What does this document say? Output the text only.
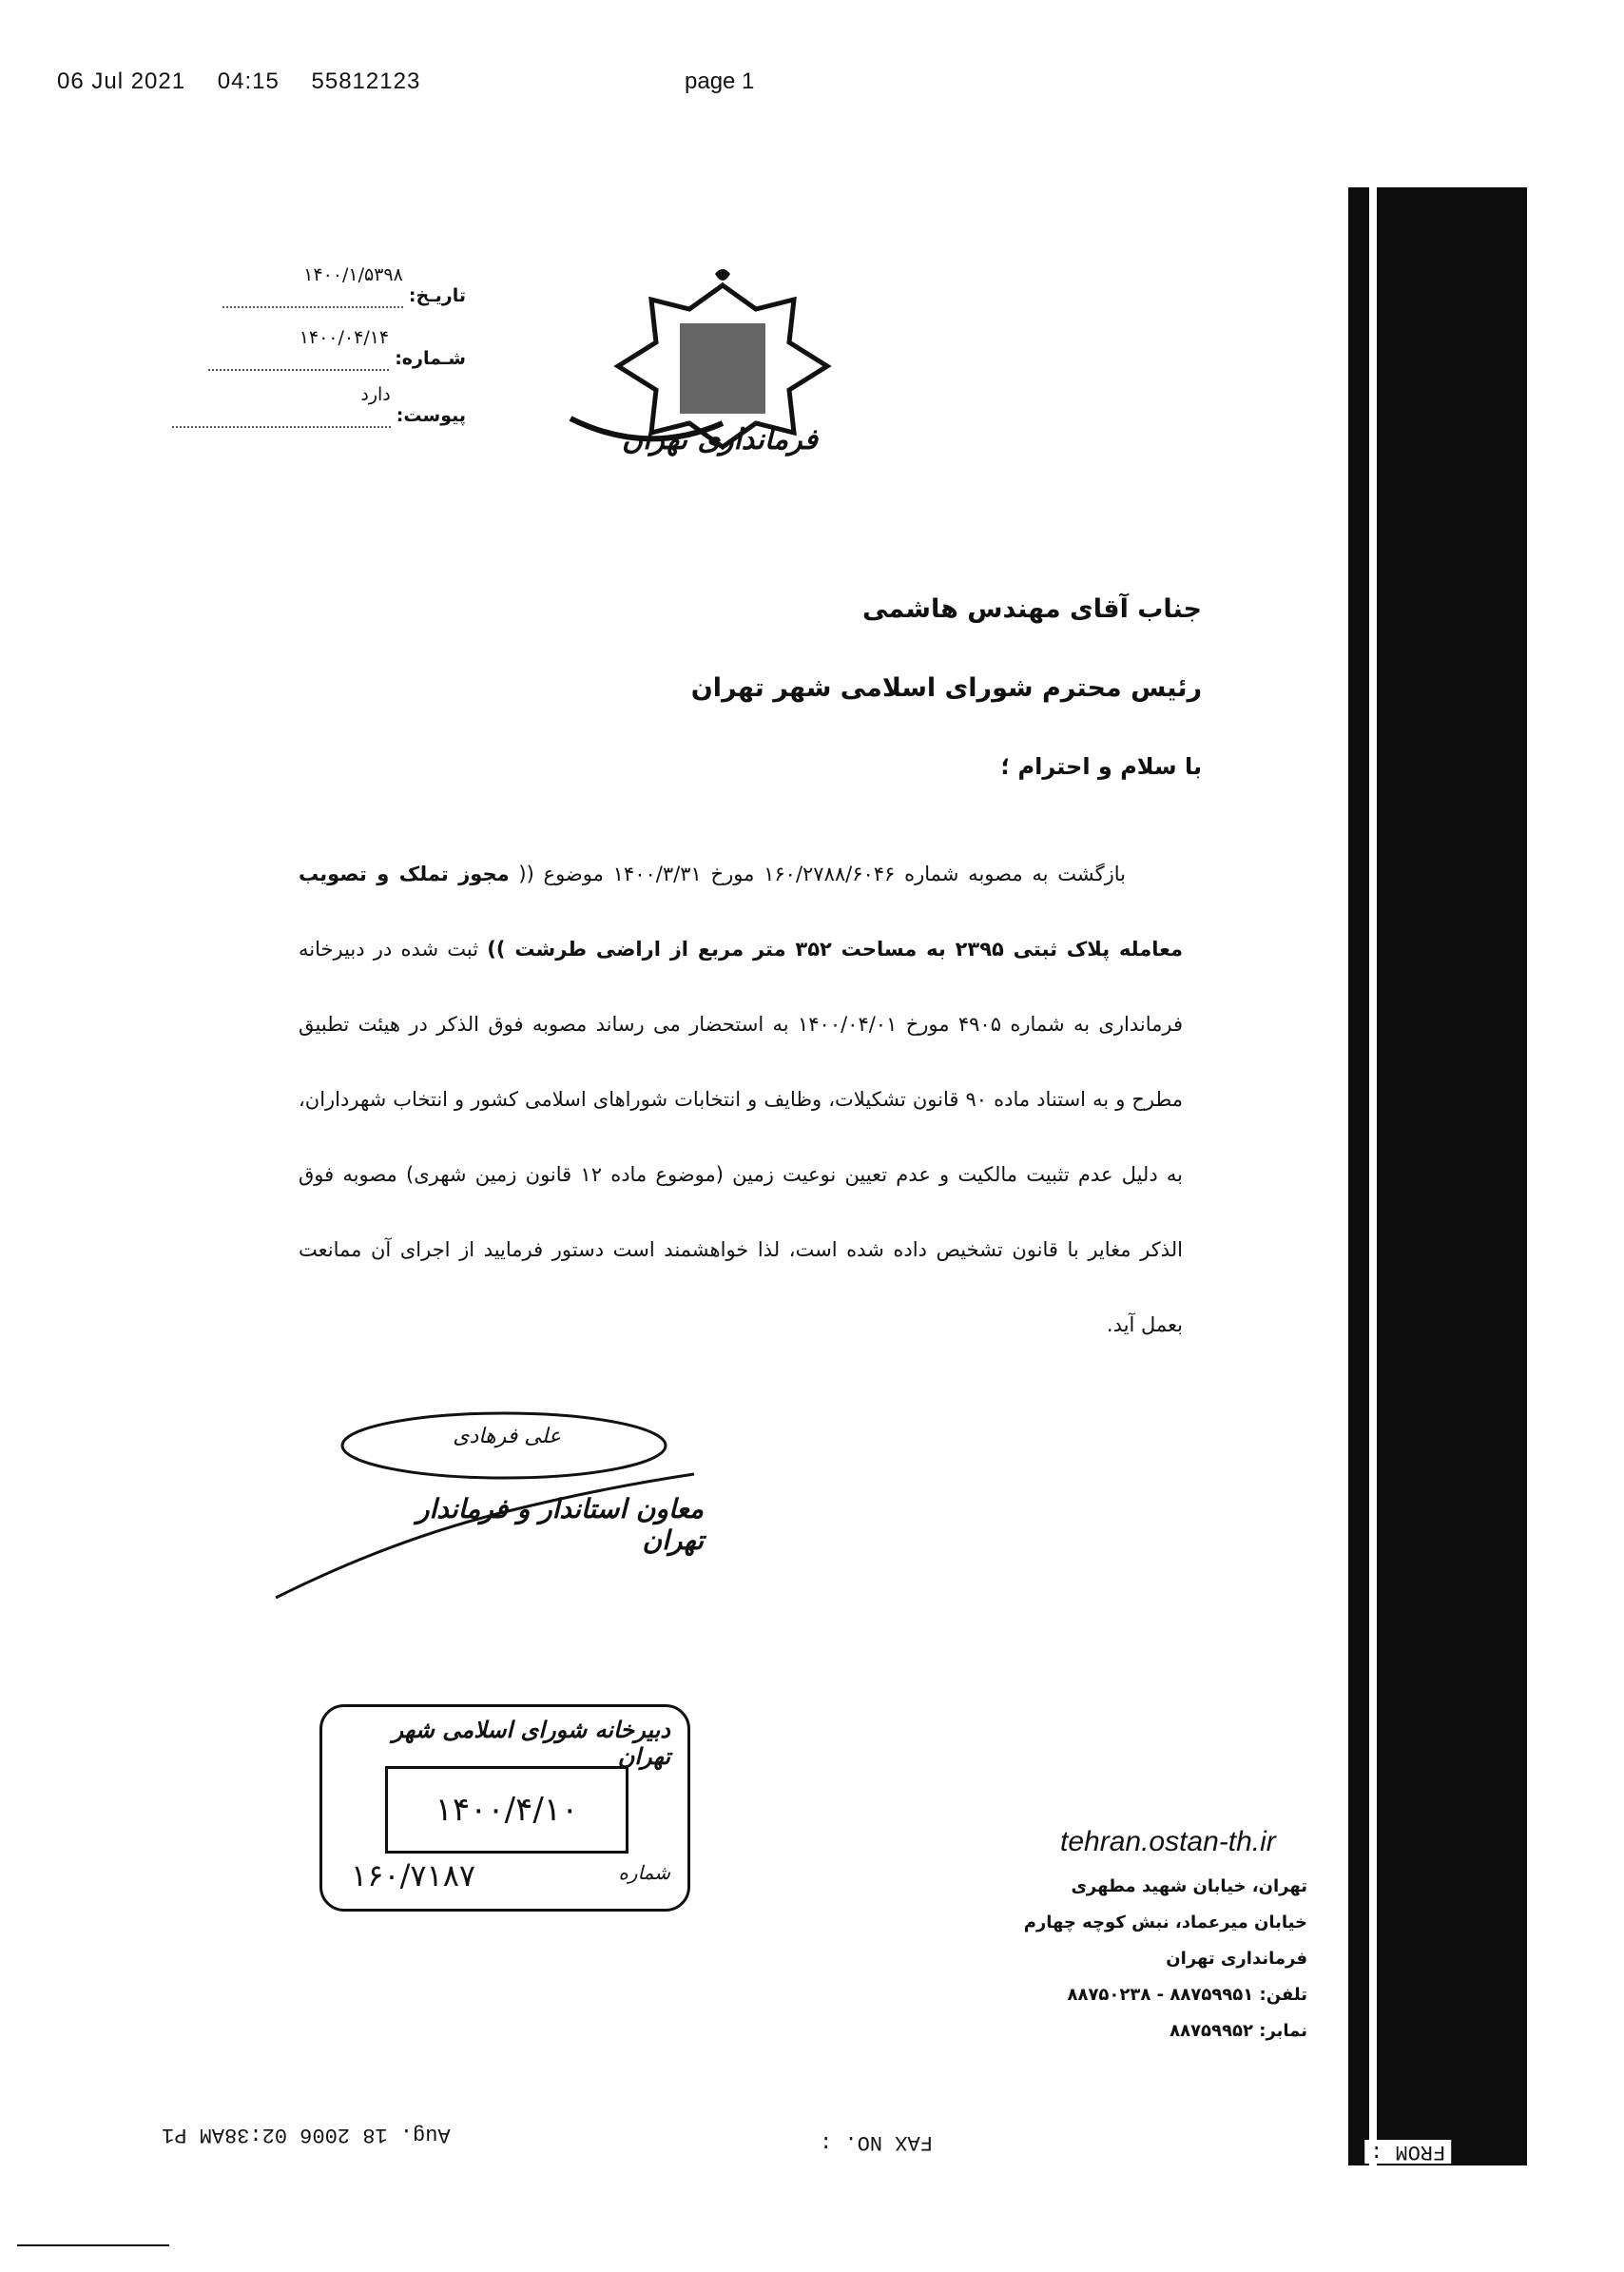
06 Jul 2021 04:15 55812123	page 1
تاریـخ: ۱۴۰۰/۱/۵۳۹۸
شـماره: ۱۴۰۰/۰۴/۱۴
پیوست: دارد
فرمانداری تهران
جناب آقای مهندس هاشمی
رئیس محترم شورای اسلامی شهر تهران
با سلام و احترام ؛
بازگشت به مصوبه شماره ۱۶۰/۲۷۸۸/۶۰۴۶ مورخ ۱۴۰۰/۳/۳۱ موضوع (( مجوز تملک و تصویب معامله پلاک ثبتی ۲۳۹۵ به مساحت ۳۵۲ متر مربع از اراضی طرشت )) ثبت شده در دبیرخانه فرمانداری به شماره ۴۹۰۵ مورخ ۱۴۰۰/۰۴/۰۱ به استحضار می رساند مصوبه فوق الذکر در هیئت تطبیق مطرح و به استناد ماده ۹۰ قانون تشکیلات، وظایف و انتخابات شوراهای اسلامی کشور و انتخاب شهرداران، به دلیل عدم تثبیت مالکیت و عدم تعیین نوعیت زمین (موضوع ماده ۱۲ قانون زمین شهری) مصوبه فوق الذکر مغایر با قانون تشخیص داده شده است، لذا خواهشمند است دستور فرمایید از اجرای آن ممانعت بعمل آید.
علی فرهادی
معاون استاندار و فرماندار تهران
دبیرخانه شورای اسلامی شهر تهران
۱۴۰۰/۴/۱۰
۱۶۰/۷۱۸۷	شماره
tehran.ostan-th.ir
تهران، خیابان شهید مطهری
خیابان میرعماد، نبش کوچه چهارم
فرمانداری تهران
تلفن: ۸۸۷۵۹۹۵۱ - ۸۸۷۵۰۲۳۸
نمابر: ۸۸۷۵۹۹۵۲
Aug. 18 2006 02:38AM P1	FAX NO. :	FROM :
